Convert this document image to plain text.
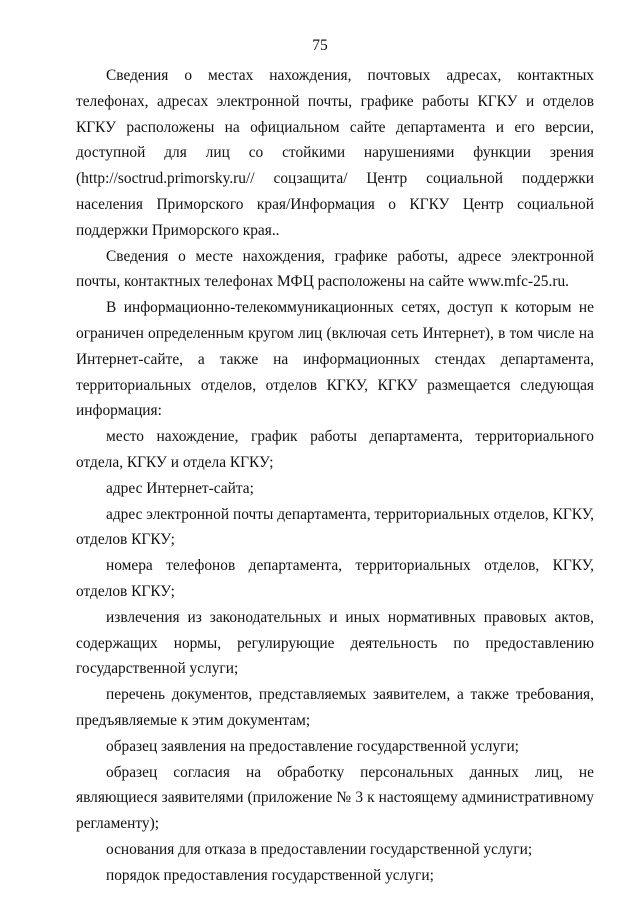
75

Сведения о местах нахождения, почтовых адресах, контактных телефонах, адресах электронной почты, графике работы КГКУ и отделов КГКУ расположены на официальном сайте департамента и его версии, доступной для лиц со стойкими нарушениями функции зрения (http://soctrud.primorsky.ru// соцзащита/ Центр социальной поддержки населения Приморского края/Информация о КГКУ Центр социальной поддержки Приморского края..

Сведения о месте нахождения, графике работы, адресе электронной почты, контактных телефонах МФЦ расположены на сайте www.mfc-25.ru.

В информационно-телекоммуникационных сетях, доступ к которым не ограничен определенным кругом лиц (включая сеть Интернет), в том числе на Интернет-сайте, а также на информационных стендах департамента, территориальных отделов, отделов КГКУ, КГКУ размещается следующая информация:

место нахождение, график работы департамента, территориального отдела, КГКУ и отдела КГКУ;

адрес Интернет-сайта;

адрес электронной почты департамента, территориальных отделов, КГКУ, отделов КГКУ;

номера телефонов департамента, территориальных отделов, КГКУ, отделов КГКУ;

извлечения из законодательных и иных нормативных правовых актов, содержащих нормы, регулирующие деятельность по предоставлению государственной услуги;

перечень документов, представляемых заявителем, а также требования, предъявляемые к этим документам;

образец заявления на предоставление государственной услуги;

образец согласия на обработку персональных данных лиц, не являющиеся заявителями (приложение № 3 к настоящему административному регламенту);

основания для отказа в предоставлении государственной услуги;

порядок предоставления государственной услуги;
